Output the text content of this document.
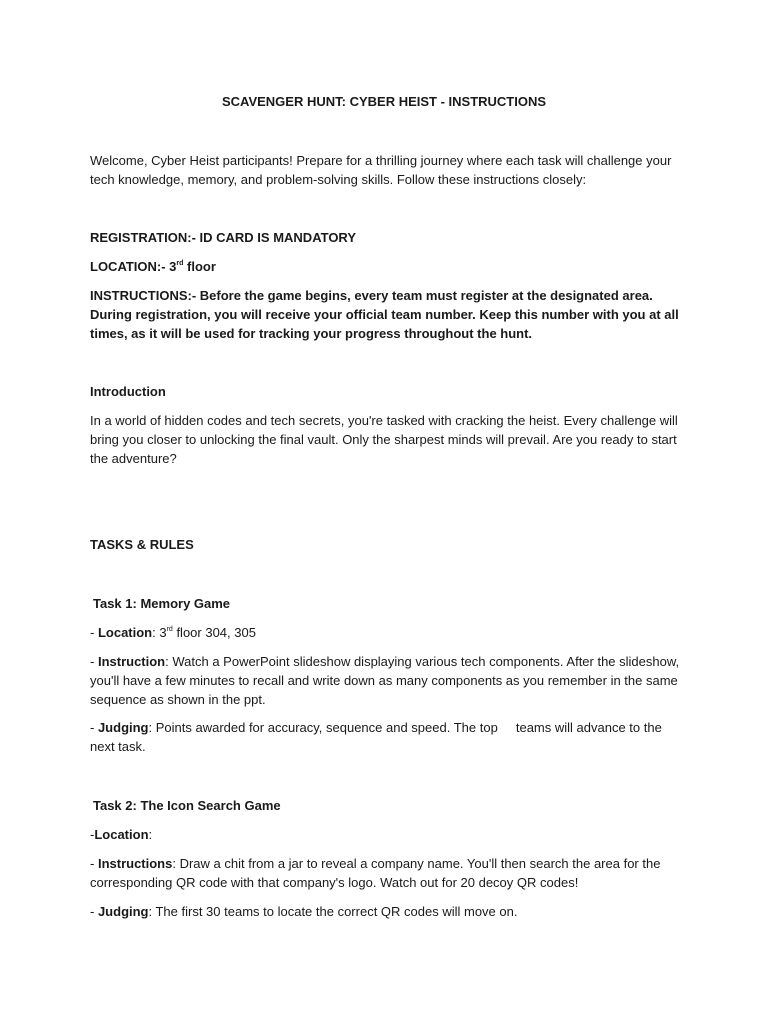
SCAVENGER HUNT: CYBER HEIST - INSTRUCTIONS

Welcome, Cyber Heist participants! Prepare for a thrilling journey where each task will challenge your tech knowledge, memory, and problem-solving skills. Follow these instructions closely:

REGISTRATION:- ID CARD IS MANDATORY

LOCATION:- 3rd floor

INSTRUCTIONS:- Before the game begins, every team must register at the designated area. During registration, you will receive your official team number. Keep this number with you at all times, as it will be used for tracking your progress throughout the hunt.

Introduction

In a world of hidden codes and tech secrets, you're tasked with cracking the heist. Every challenge will bring you closer to unlocking the final vault. Only the sharpest minds will prevail. Are you ready to start the adventure?

TASKS & RULES

Task 1: Memory Game

- Location: 3rd floor 304, 305

- Instruction: Watch a PowerPoint slideshow displaying various tech components. After the slideshow, you'll have a few minutes to recall and write down as many components as you remember in the same sequence as shown in the ppt.

- Judging: Points awarded for accuracy, sequence and speed. The top     teams will advance to the next task.

Task 2: The Icon Search Game

-Location:

- Instructions: Draw a chit from a jar to reveal a company name. You'll then search the area for the corresponding QR code with that company's logo. Watch out for 20 decoy QR codes!

- Judging: The first 30 teams to locate the correct QR codes will move on.
